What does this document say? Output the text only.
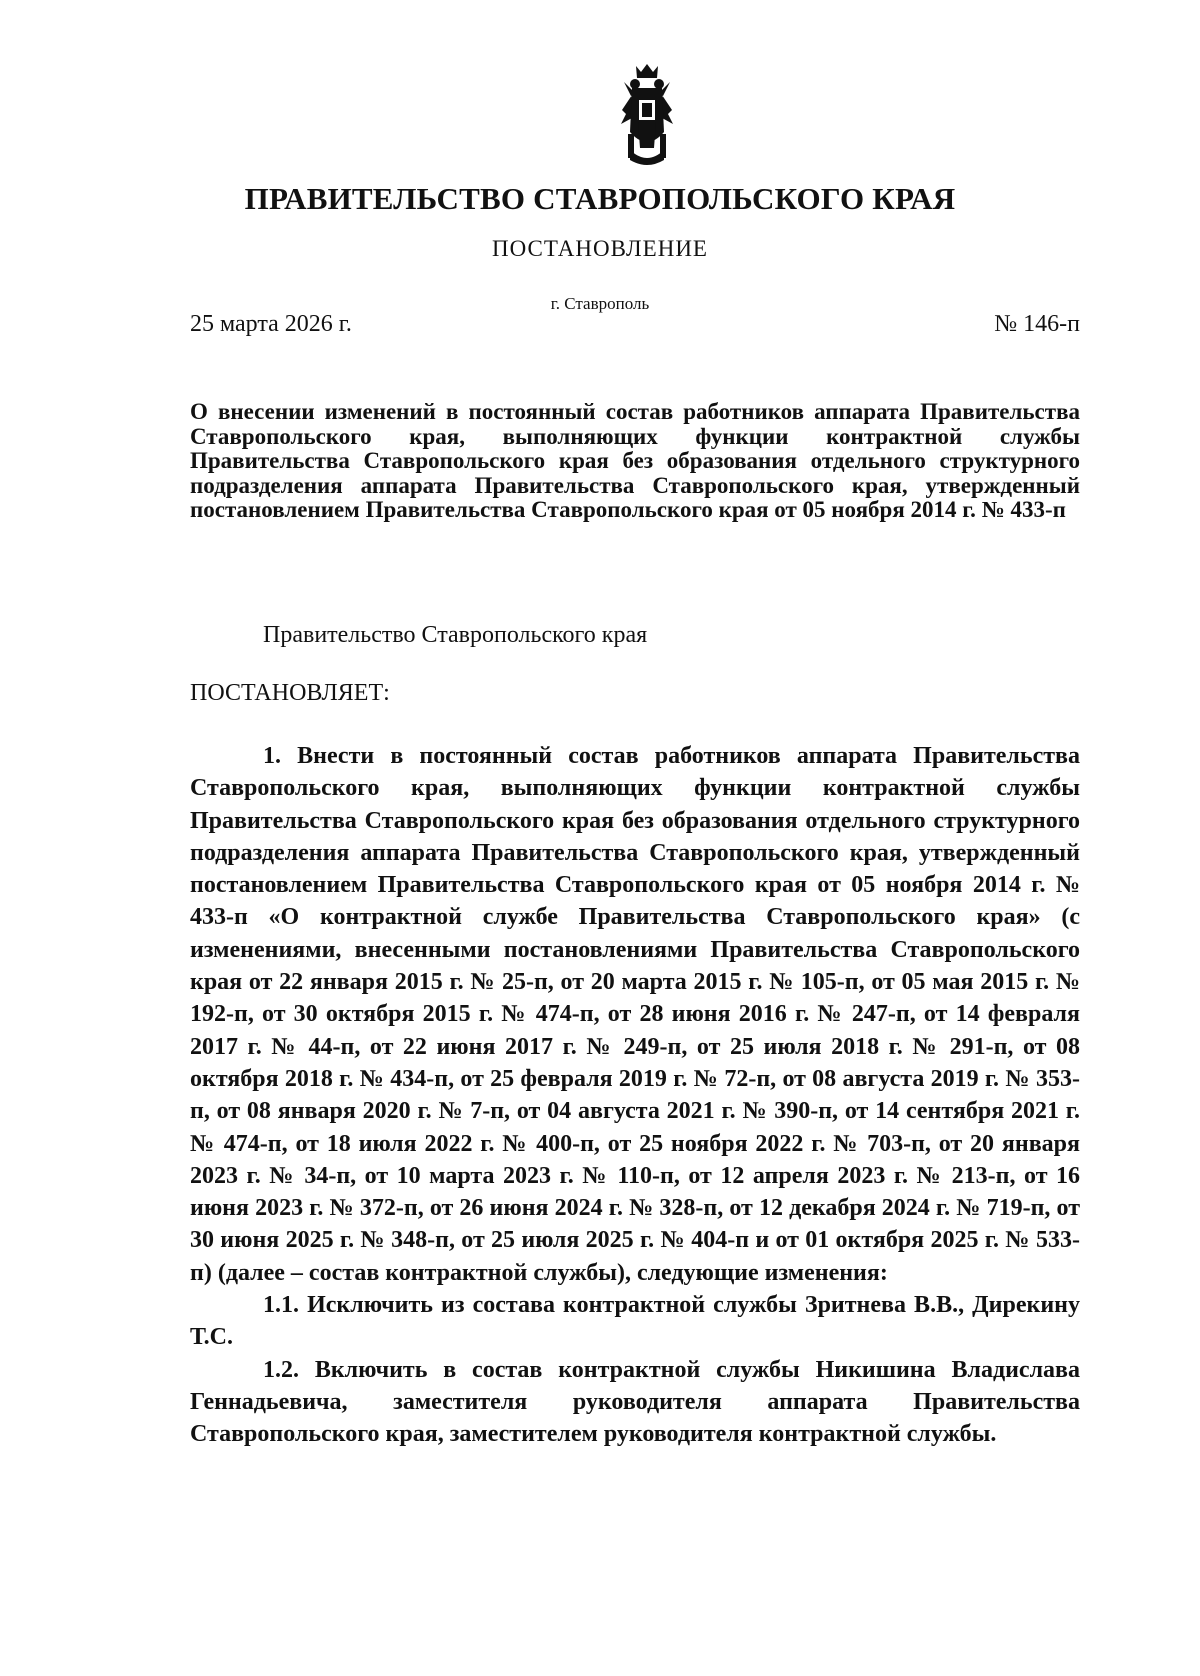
ПРАВИТЕЛЬСТВО СТАВРОПОЛЬСКОГО КРАЯ
ПОСТАНОВЛЕНИЕ
г. Ставрополь
25 марта 2026 г.	№ 146-п

О внесении изменений в постоянный состав работников аппарата Правительства Ставропольского края, выполняющих функции контрактной службы Правительства Ставропольского края без образования отдельного структурного подразделения аппарата Правительства Ставропольского края, утвержденный постановлением Правительства Ставропольского края от 05 ноября 2014 г. № 433-п

Правительство Ставропольского края
ПОСТАНОВЛЯЕТ:

1. Внести в постоянный состав работников аппарата Правительства Ставропольского края, выполняющих функции контрактной службы Правительства Ставропольского края без образования отдельного структурного подразделения аппарата Правительства Ставропольского края, утвержденный постановлением Правительства Ставропольского края от 05 ноября 2014 г. № 433-п «О контрактной службе Правительства Ставропольского края» (с изменениями, внесенными постановлениями Правительства Ставропольского края от 22 января 2015 г. № 25-п, от 20 марта 2015 г. № 105-п, от 05 мая 2015 г. № 192-п, от 30 октября 2015 г. № 474-п, от 28 июня 2016 г. № 247-п, от 14 февраля 2017 г. № 44-п, от 22 июня 2017 г. № 249-п, от 25 июля 2018 г. № 291-п, от 08 октября 2018 г. № 434-п, от 25 февраля 2019 г. № 72-п, от 08 августа 2019 г. № 353-п, от 08 января 2020 г. № 7-п, от 04 августа 2021 г. № 390-п, от 14 сентября 2021 г. № 474-п, от 18 июля 2022 г. № 400-п, от 25 ноября 2022 г. № 703-п, от 20 января 2023 г. № 34-п, от 10 марта 2023 г. № 110-п, от 12 апреля 2023 г. № 213-п, от 16 июня 2023 г. № 372-п, от 26 июня 2024 г. № 328-п, от 12 декабря 2024 г. № 719-п, от 30 июня 2025 г. № 348-п, от 25 июля 2025 г. № 404-п и от 01 октября 2025 г. № 533-п) (далее – состав контрактной службы), следующие изменения:

1.1. Исключить из состава контрактной службы Зритнева В.В., Дирекину Т.С.

1.2. Включить в состав контрактной службы Никишина Владислава Геннадьевича, заместителя руководителя аппарата Правительства Ставропольского края, заместителем руководителя контрактной службы.
